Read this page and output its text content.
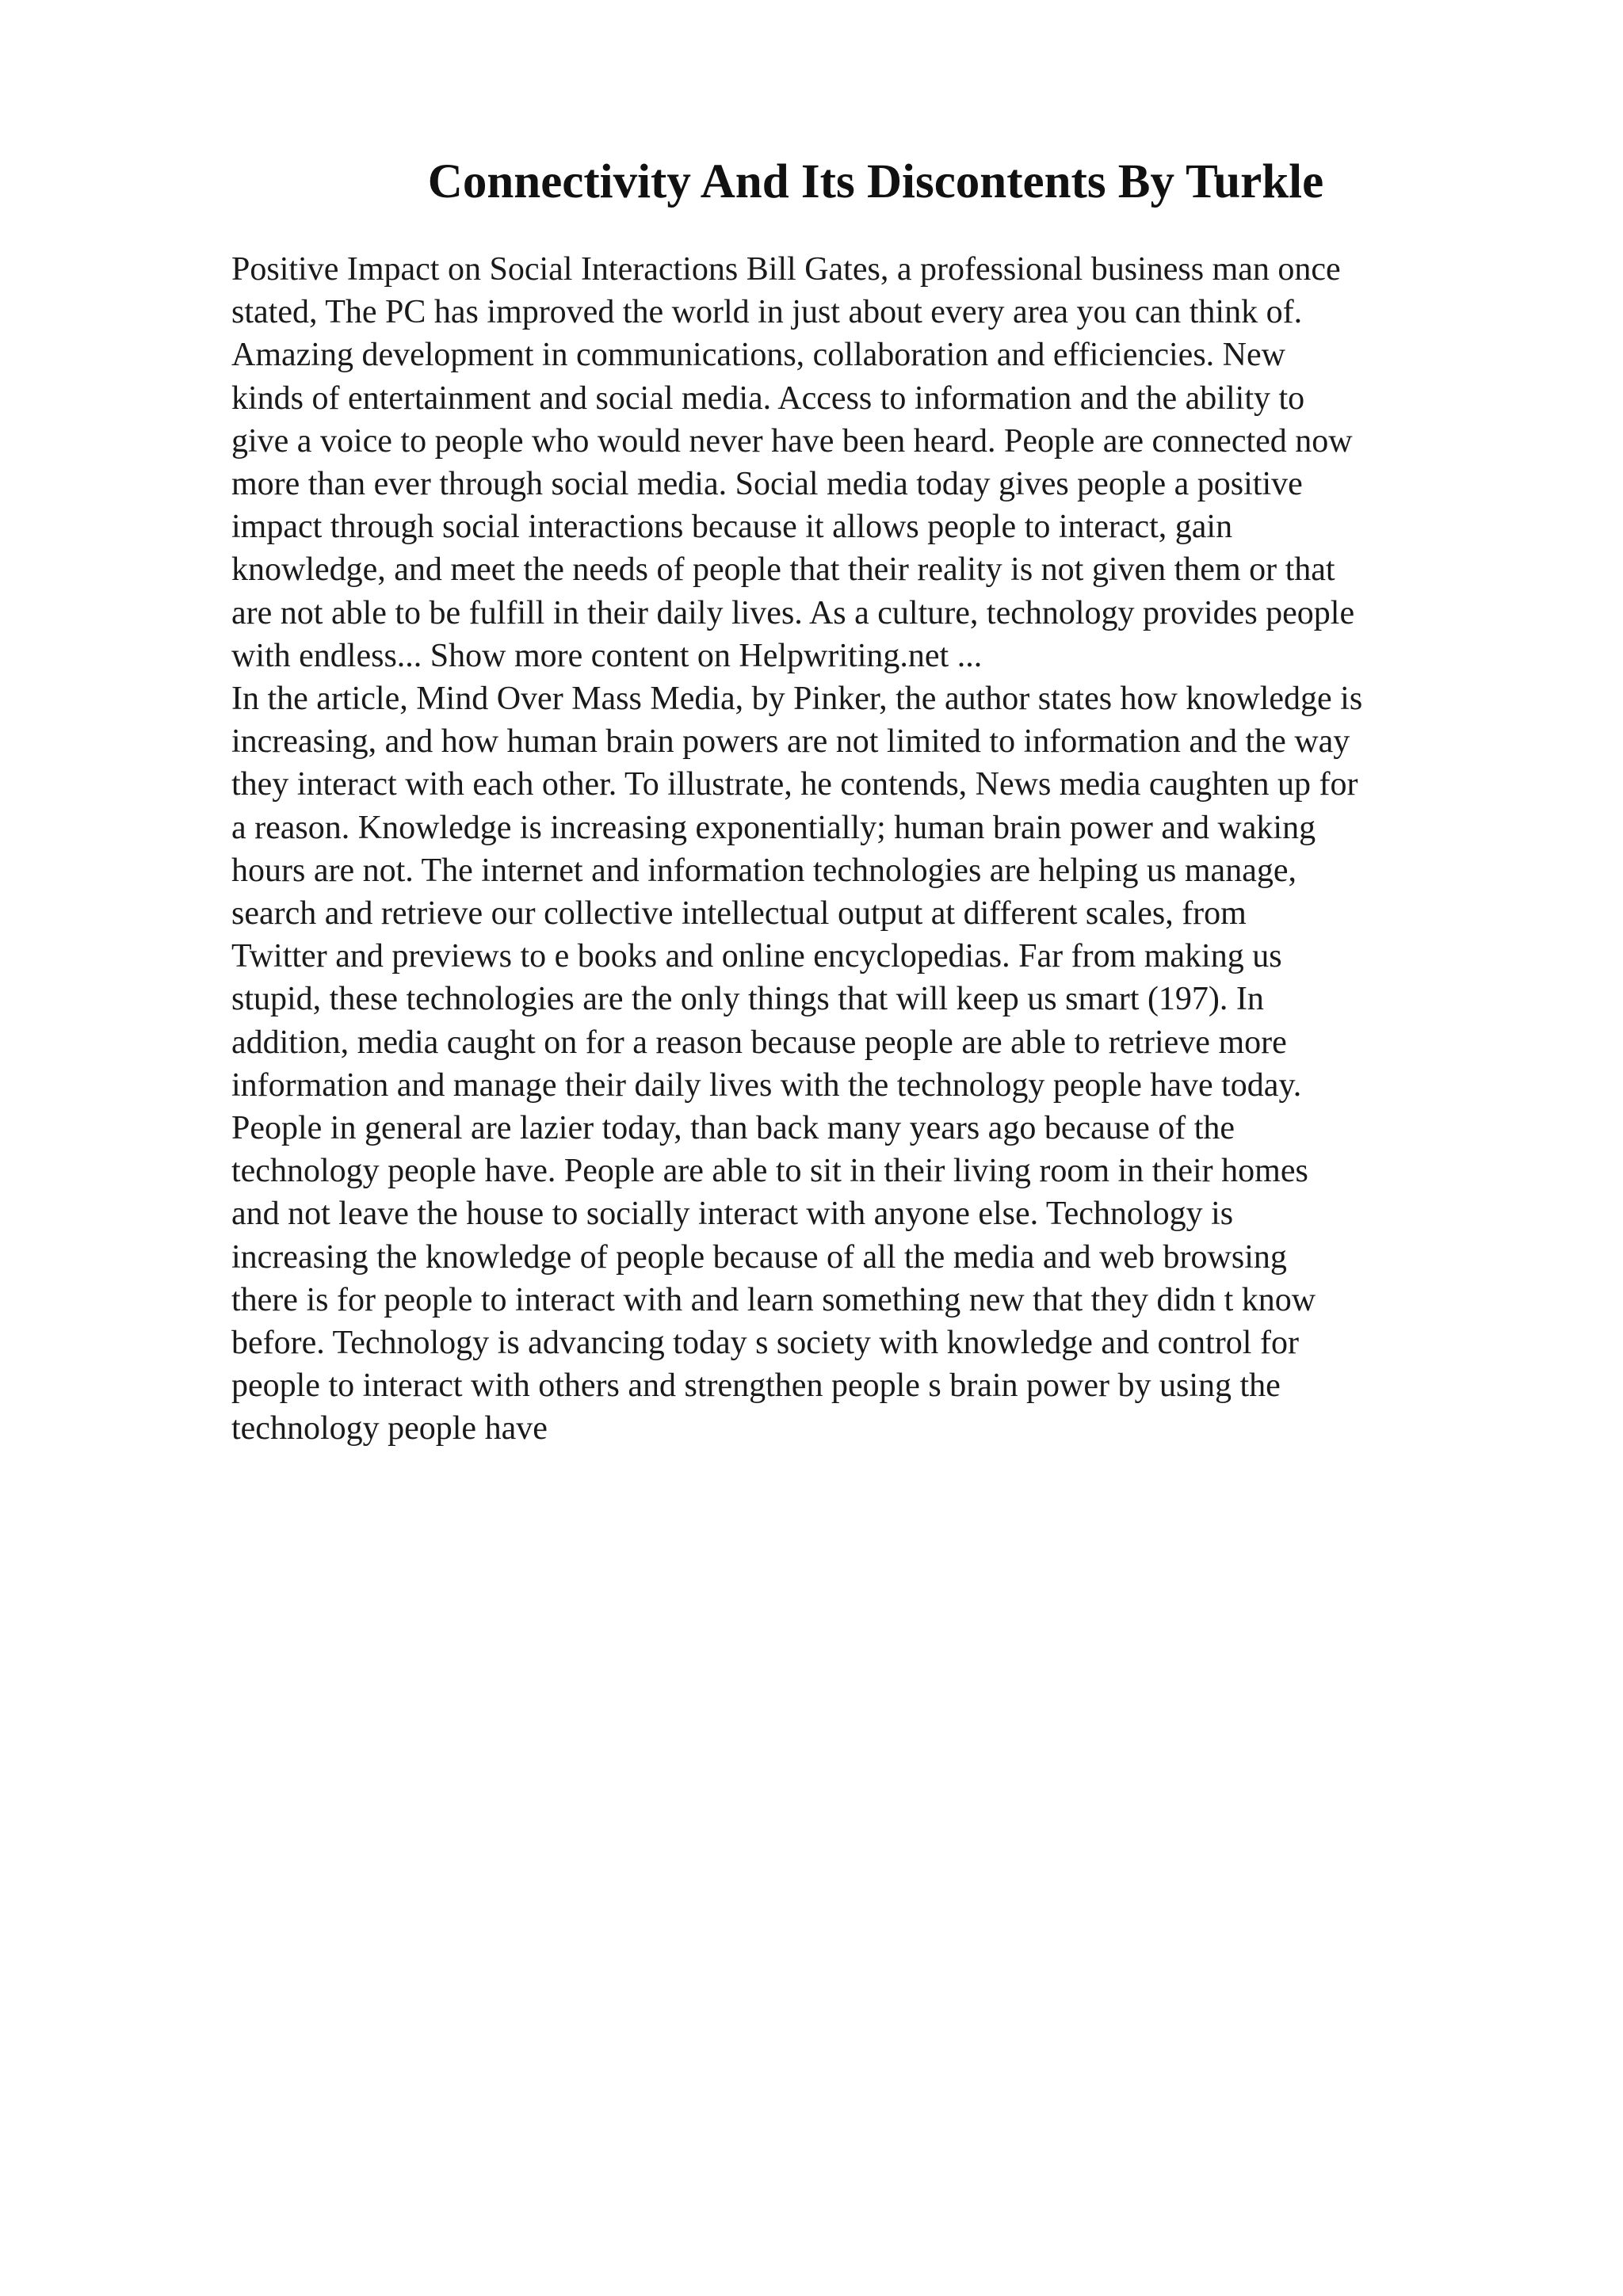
Connectivity And Its Discontents By Turkle
Positive Impact on Social Interactions Bill Gates, a professional business man once
stated, The PC has improved the world in just about every area you can think of.
Amazing development in communications, collaboration and efficiencies. New
kinds of entertainment and social media. Access to information and the ability to
give a voice to people who would never have been heard. People are connected now
more than ever through social media. Social media today gives people a positive
impact through social interactions because it allows people to interact, gain
knowledge, and meet the needs of people that their reality is not given them or that
are not able to be fulfill in their daily lives. As a culture, technology provides people
with endless... Show more content on Helpwriting.net ...
In the article, Mind Over Mass Media, by Pinker, the author states how knowledge is
increasing, and how human brain powers are not limited to information and the way
they interact with each other. To illustrate, he contends, News media caughten up for
a reason. Knowledge is increasing exponentially; human brain power and waking
hours are not. The internet and information technologies are helping us manage,
search and retrieve our collective intellectual output at different scales, from
Twitter and previews to e books and online encyclopedias. Far from making us
stupid, these technologies are the only things that will keep us smart (197). In
addition, media caught on for a reason because people are able to retrieve more
information and manage their daily lives with the technology people have today.
People in general are lazier today, than back many years ago because of the
technology people have. People are able to sit in their living room in their homes
and not leave the house to socially interact with anyone else. Technology is
increasing the knowledge of people because of all the media and web browsing
there is for people to interact with and learn something new that they didn t know
before. Technology is advancing today s society with knowledge and control for
people to interact with others and strengthen people s brain power by using the
technology people have
